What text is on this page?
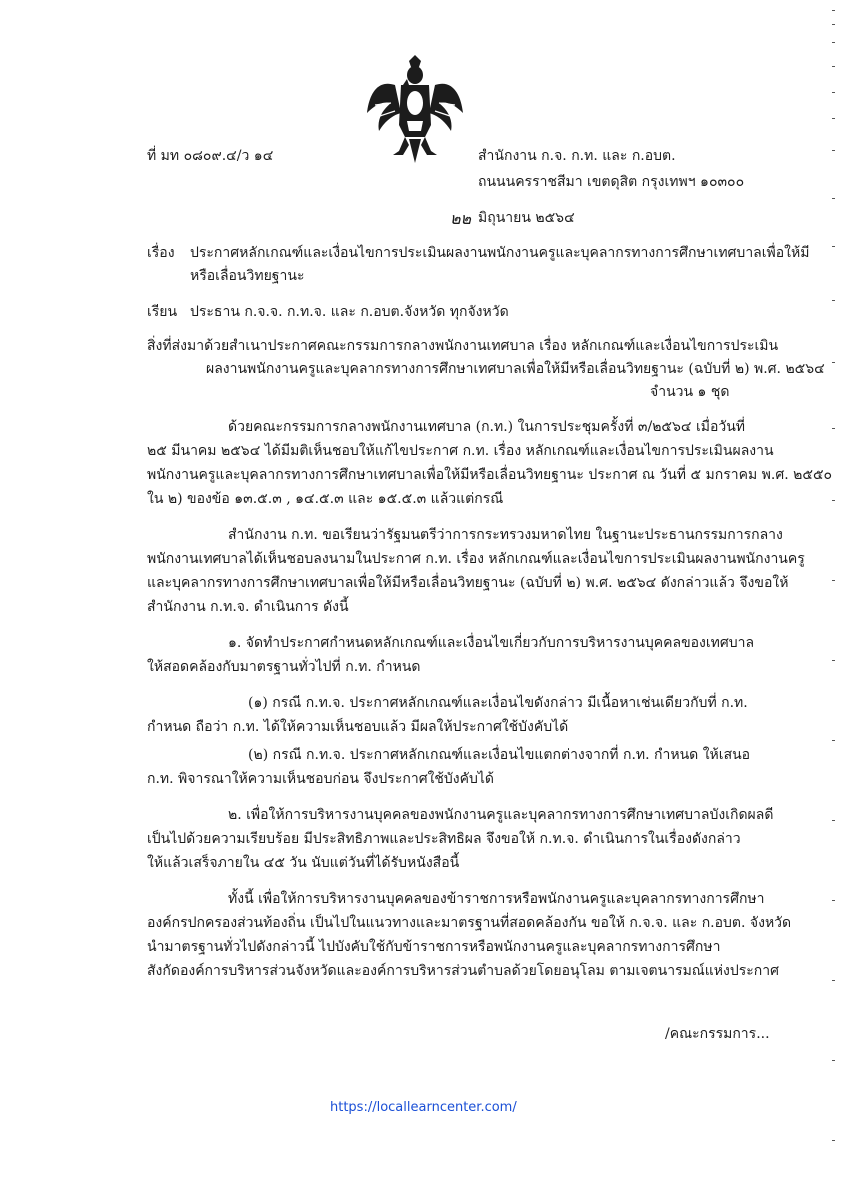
ที่ มท ๐๘๐๙.๔/ว ๑๔	สำนักงาน ก.จ. ก.ท. และ ก.อบต.
ถนนนครราชสีมา เขตดุสิต กรุงเทพฯ ๑๐๓๐๐
๒๒ มิถุนายน ๒๕๖๔
เรื่อง ประกาศหลักเกณฑ์และเงื่อนไขการประเมินผลงานพนักงานครูและบุคลากรทางการศึกษาเทศบาลเพื่อให้มี
หรือเลื่อนวิทยฐานะ
เรียน ประธาน ก.จ.จ. ก.ท.จ. และ ก.อบต.จังหวัด ทุกจังหวัด
สิ่งที่ส่งมาด้วย สำเนาประกาศคณะกรรมการกลางพนักงานเทศบาล เรื่อง หลักเกณฑ์และเงื่อนไขการประเมิน
ผลงานพนักงานครูและบุคลากรทางการศึกษาเทศบาลเพื่อให้มีหรือเลื่อนวิทยฐานะ (ฉบับที่ ๒) พ.ศ. ๒๕๖๔
จำนวน ๑ ชุด
ด้วยคณะกรรมการกลางพนักงานเทศบาล (ก.ท.) ในการประชุมครั้งที่ ๓/๒๕๖๔ เมื่อวันที่
๒๕ มีนาคม ๒๕๖๔ ได้มีมติเห็นชอบให้แก้ไขประกาศ ก.ท. เรื่อง หลักเกณฑ์และเงื่อนไขการประเมินผลงาน
พนักงานครูและบุคลากรทางการศึกษาเทศบาลเพื่อให้มีหรือเลื่อนวิทยฐานะ ประกาศ ณ วันที่ ๕ มกราคม พ.ศ. ๒๕๕๐
ใน ๒) ของข้อ ๑๓.๕.๓ , ๑๔.๕.๓ และ ๑๕.๕.๓ แล้วแต่กรณี
สำนักงาน ก.ท. ขอเรียนว่ารัฐมนตรีว่าการกระทรวงมหาดไทย ในฐานะประธานกรรมการกลาง
พนักงานเทศบาลได้เห็นชอบลงนามในประกาศ ก.ท. เรื่อง หลักเกณฑ์และเงื่อนไขการประเมินผลงานพนักงานครู
และบุคลากรทางการศึกษาเทศบาลเพื่อให้มีหรือเลื่อนวิทยฐานะ (ฉบับที่ ๒) พ.ศ. ๒๕๖๔ ดังกล่าวแล้ว จึงขอให้
สำนักงาน ก.ท.จ. ดำเนินการ ดังนี้
๑. จัดทำประกาศกำหนดหลักเกณฑ์และเงื่อนไขเกี่ยวกับการบริหารงานบุคคลของเทศบาล
ให้สอดคล้องกับมาตรฐานทั่วไปที่ ก.ท. กำหนด
(๑) กรณี ก.ท.จ. ประกาศหลักเกณฑ์และเงื่อนไขดังกล่าว มีเนื้อหาเช่นเดียวกับที่ ก.ท.
กำหนด ถือว่า ก.ท. ได้ให้ความเห็นชอบแล้ว มีผลให้ประกาศใช้บังคับได้
(๒) กรณี ก.ท.จ. ประกาศหลักเกณฑ์และเงื่อนไขแตกต่างจากที่ ก.ท. กำหนด ให้เสนอ
ก.ท. พิจารณาให้ความเห็นชอบก่อน จึงประกาศใช้บังคับได้
๒. เพื่อให้การบริหารงานบุคคลของพนักงานครูและบุคลากรทางการศึกษาเทศบาลบังเกิดผลดี
เป็นไปด้วยความเรียบร้อย มีประสิทธิภาพและประสิทธิผล จึงขอให้ ก.ท.จ. ดำเนินการในเรื่องดังกล่าว
ให้แล้วเสร็จภายใน ๔๕ วัน นับแต่วันที่ได้รับหนังสือนี้
ทั้งนี้ เพื่อให้การบริหารงานบุคคลของข้าราชการหรือพนักงานครูและบุคลากรทางการศึกษา
องค์กรปกครองส่วนท้องถิ่น เป็นไปในแนวทางและมาตรฐานที่สอดคล้องกัน ขอให้ ก.จ.จ. และ ก.อบต. จังหวัด
นำมาตรฐานทั่วไปดังกล่าวนี้ ไปบังคับใช้กับข้าราชการหรือพนักงานครูและบุคลากรทางการศึกษา
สังกัดองค์การบริหารส่วนจังหวัดและองค์การบริหารส่วนตำบลด้วยโดยอนุโลม ตามเจตนารมณ์แห่งประกาศ
/คณะกรรมการ...
https://locallearncenter.com/
